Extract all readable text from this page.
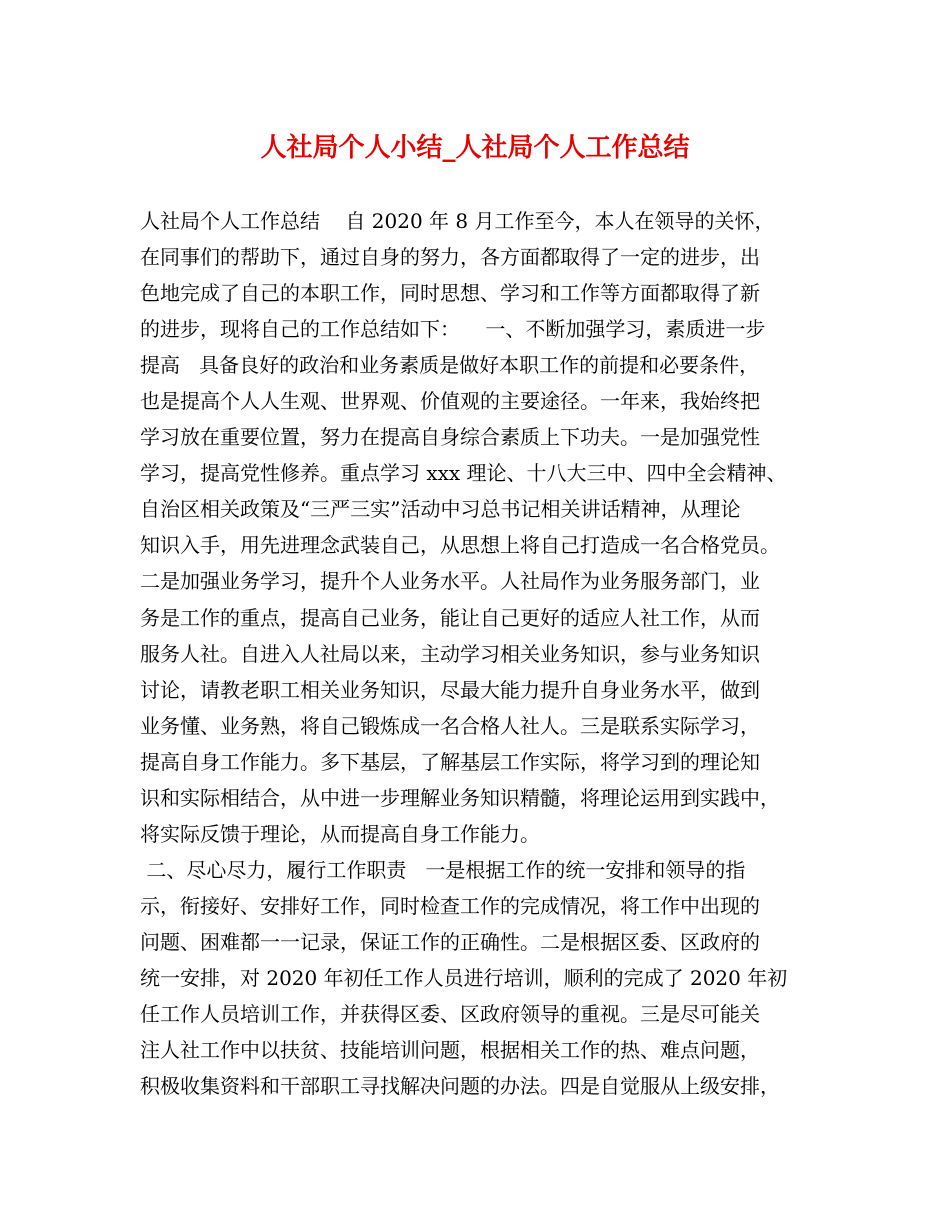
人社局个人小结_人社局个人工作总结
人社局个人工作总结    自 2020 年 8 月工作至今，本人在领导的关怀，
在同事们的帮助下，通过自身的努力，各方面都取得了一定的进步，出
色地完成了自己的本职工作，同时思想、学习和工作等方面都取得了新
的进步，现将自己的工作总结如下：    一、不断加强学习，素质进一步
提高   具备良好的政治和业务素质是做好本职工作的前提和必要条件，
也是提高个人人生观、世界观、价值观的主要途径。一年来，我始终把
学习放在重要位置，努力在提高自身综合素质上下功夫。一是加强党性
学习，提高党性修养。重点学习 xxx 理论、十八大三中、四中全会精神、
自治区相关政策及“三严三实”活动中习总书记相关讲话精神，从理论
知识入手，用先进理念武装自己，从思想上将自己打造成一名合格党员。
二是加强业务学习，提升个人业务水平。人社局作为业务服务部门，业
务是工作的重点，提高自己业务，能让自己更好的适应人社工作，从而
服务人社。自进入人社局以来，主动学习相关业务知识，参与业务知识
讨论，请教老职工相关业务知识，尽最大能力提升自身业务水平，做到
业务懂、业务熟，将自己锻炼成一名合格人社人。三是联系实际学习，
提高自身工作能力。多下基层，了解基层工作实际，将学习到的理论知
识和实际相结合，从中进一步理解业务知识精髓，将理论运用到实践中，
将实际反馈于理论，从而提高自身工作能力。
二、尽心尽力，履行工作职责   一是根据工作的统一安排和领导的指
示，衔接好、安排好工作，同时检查工作的完成情况，将工作中出现的
问题、困难都一一记录，保证工作的正确性。二是根据区委、区政府的
统一安排，对 2020 年初任工作人员进行培训，顺利的完成了 2020 年初
任工作人员培训工作，并获得区委、区政府领导的重视。三是尽可能关
注人社工作中以扶贫、技能培训问题，根据相关工作的热、难点问题，
积极收集资料和干部职工寻找解决问题的办法。四是自觉服从上级安排，
